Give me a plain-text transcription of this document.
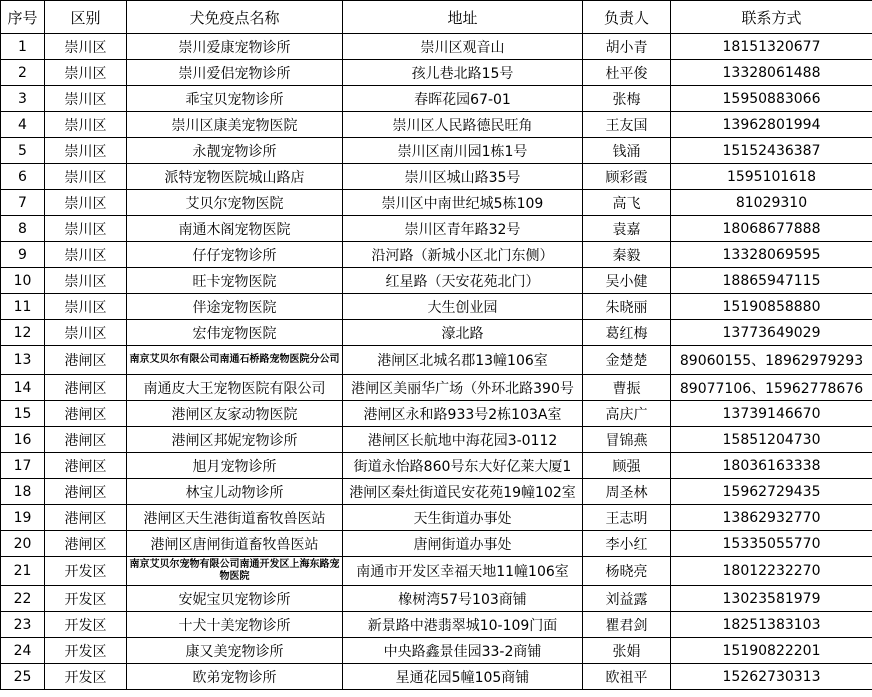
序号	区别	犬免疫点名称	地址	负责人	联系方式
1	崇川区	崇川爱康宠物诊所	崇川区观音山	胡小青	18151320677
2	崇川区	崇川爱侣宠物诊所	孩儿巷北路15号	杜平俊	13328061488
3	崇川区	乖宝贝宠物诊所	春晖花园67-01	张梅	15950883066
4	崇川区	崇川区康美宠物医院	崇川区人民路德民旺角	王友国	13962801994
5	崇川区	永靓宠物诊所	崇川区南川园1栋1号	钱涌	15152436387
6	崇川区	派特宠物医院城山路店	崇川区城山路35号	顾彩霞	1595101618
7	崇川区	艾贝尔宠物医院	崇川区中南世纪城5栋109	高飞	81029310
8	崇川区	南通木阁宠物医院	崇川区青年路32号	袁嘉	18068677888
9	崇川区	仔仔宠物诊所	沿河路（新城小区北门东侧）	秦毅	13328069595
10	崇川区	旺卡宠物医院	红星路（天安花苑北门）	吴小健	18865947115
11	崇川区	伴途宠物医院	大生创业园	朱晓丽	15190858880
12	崇川区	宏伟宠物医院	濠北路	葛红梅	13773649029
13	港闸区	南京艾贝尔有限公司南通石桥路宠物医院分公司	港闸区北城名郡13幢106室	金楚楚	89060155、18962979293
14	港闸区	南通皮大王宠物医院有限公司	港闸区美丽华广场（外环北路390号	曹振	89077106、15962778676
15	港闸区	港闸区友家动物医院	港闸区永和路933号2栋103A室	高庆广	13739146670
16	港闸区	港闸区邦妮宠物诊所	港闸区长航地中海花园3-0112	冒锦燕	15851204730
17	港闸区	旭月宠物诊所	街道永怡路860号东大好亿莱大厦1	顾强	18036163338
18	港闸区	林宝儿动物诊所	港闸区秦灶街道民安花苑19幢102室	周圣林	15962729435
19	港闸区	港闸区天生港街道畜牧兽医站	天生街道办事处	王志明	13862932770
20	港闸区	港闸区唐闸街道畜牧兽医站	唐闸街道办事处	李小红	15335055770
21	开发区	南京艾贝尔宠物有限公司南通开发区上海东路宠物医院	南通市开发区幸福天地11幢106室	杨晓亮	18012232270
22	开发区	安妮宝贝宠物诊所	橡树湾57号103商铺	刘益露	13023581979
23	开发区	十犬十美宠物诊所	新景路中港翡翠城10-109门面	瞿君剑	18251383103
24	开发区	康又美宠物诊所	中央路鑫景佳园33-2商铺	张娟	15190822201
25	开发区	欧弟宠物诊所	星通花园5幢105商铺	欧祖平	15262730313
